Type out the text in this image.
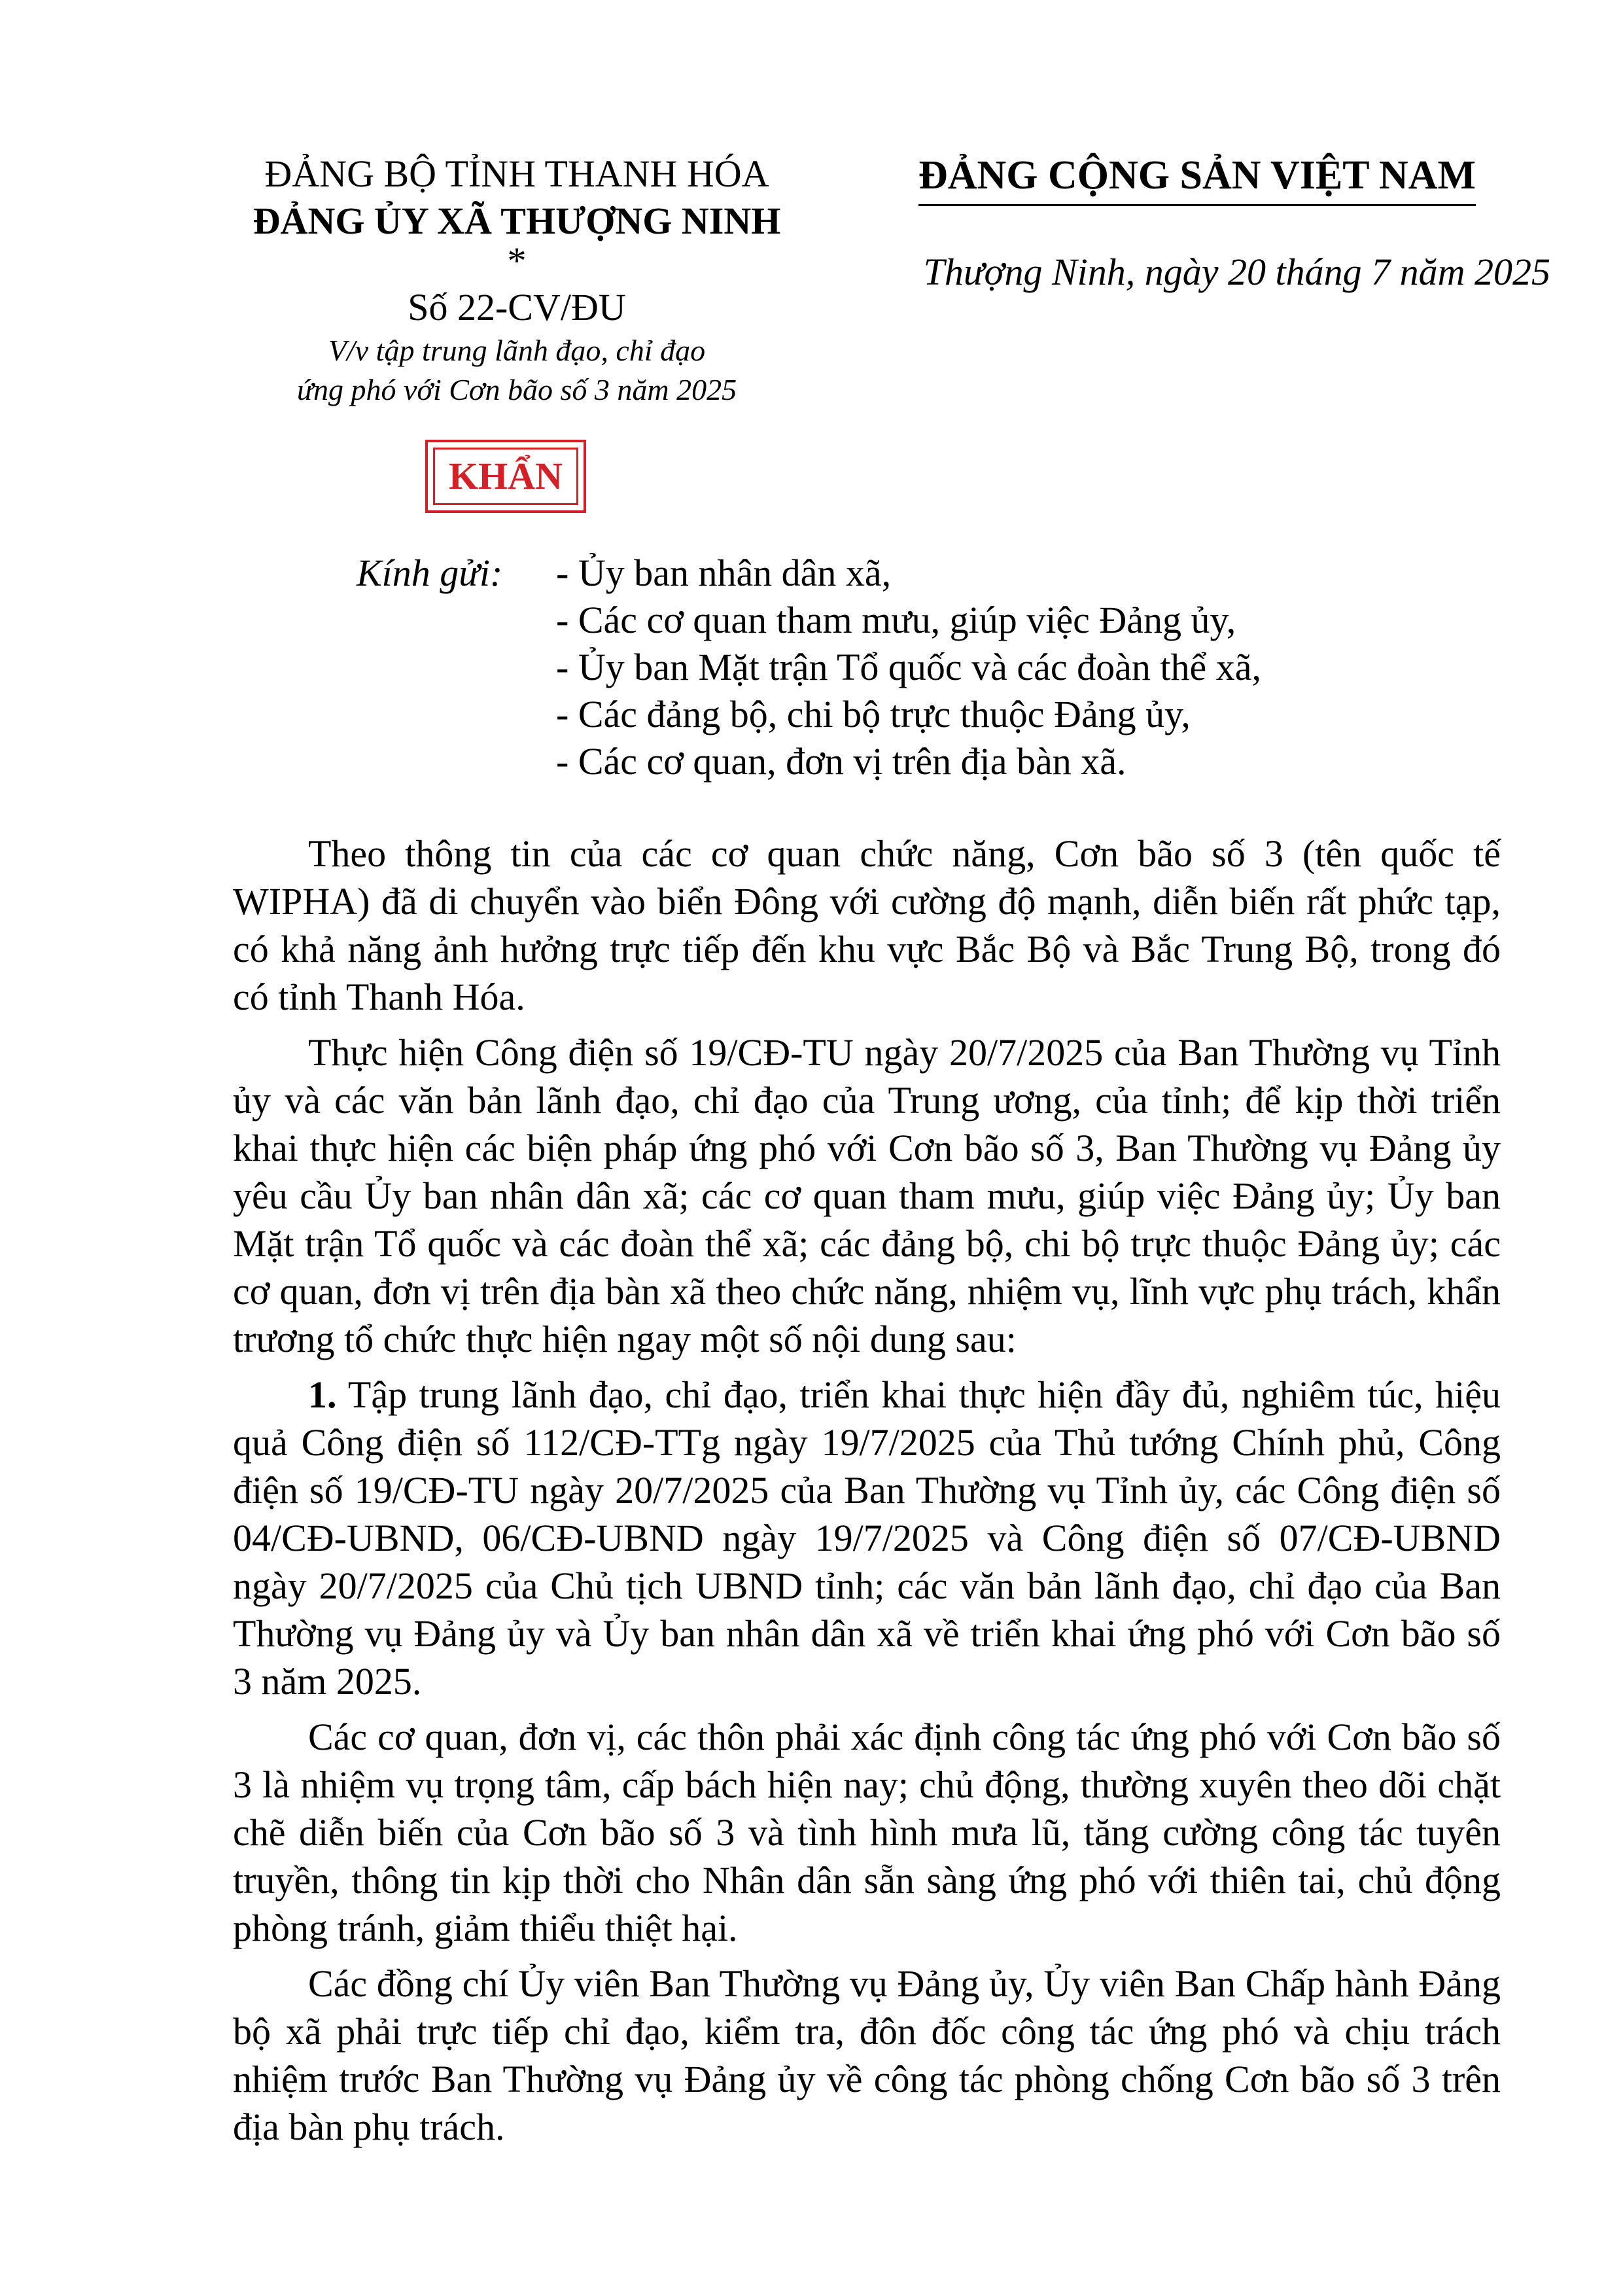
ĐẢNG BỘ TỈNH THANH HÓA
ĐẢNG ỦY XÃ THƯỢNG NINH
*
Số 22-CV/ĐU
V/v tập trung lãnh đạo, chỉ đạo
ứng phó với Cơn bão số 3 năm 2025
ĐẢNG CỘNG SẢN VIỆT NAM
Thượng Ninh, ngày 20 tháng 7 năm 2025
KHẨN
Kính gửi: - Ủy ban nhân dân xã,
- Các cơ quan tham mưu, giúp việc Đảng ủy,
- Ủy ban Mặt trận Tổ quốc và các đoàn thể xã,
- Các đảng bộ, chi bộ trực thuộc Đảng ủy,
- Các cơ quan, đơn vị trên địa bàn xã.

Theo thông tin của các cơ quan chức năng, Cơn bão số 3 (tên quốc tế WIPHA) đã di chuyển vào biển Đông với cường độ mạnh, diễn biến rất phức tạp, có khả năng ảnh hưởng trực tiếp đến khu vực Bắc Bộ và Bắc Trung Bộ, trong đó có tỉnh Thanh Hóa.

Thực hiện Công điện số 19/CĐ-TU ngày 20/7/2025 của Ban Thường vụ Tỉnh ủy và các văn bản lãnh đạo, chỉ đạo của Trung ương, của tỉnh; để kịp thời triển khai thực hiện các biện pháp ứng phó với Cơn bão số 3, Ban Thường vụ Đảng ủy yêu cầu Ủy ban nhân dân xã; các cơ quan tham mưu, giúp việc Đảng ủy; Ủy ban Mặt trận Tổ quốc và các đoàn thể xã; các đảng bộ, chi bộ trực thuộc Đảng ủy; các cơ quan, đơn vị trên địa bàn xã theo chức năng, nhiệm vụ, lĩnh vực phụ trách, khẩn trương tổ chức thực hiện ngay một số nội dung sau:

1. Tập trung lãnh đạo, chỉ đạo, triển khai thực hiện đầy đủ, nghiêm túc, hiệu quả Công điện số 112/CĐ-TTg ngày 19/7/2025 của Thủ tướng Chính phủ, Công điện số 19/CĐ-TU ngày 20/7/2025 của Ban Thường vụ Tỉnh ủy, các Công điện số 04/CĐ-UBND, 06/CĐ-UBND ngày 19/7/2025 và Công điện số 07/CĐ-UBND ngày 20/7/2025 của Chủ tịch UBND tỉnh; các văn bản lãnh đạo, chỉ đạo của Ban Thường vụ Đảng ủy và Ủy ban nhân dân xã về triển khai ứng phó với Cơn bão số 3 năm 2025.

Các cơ quan, đơn vị, các thôn phải xác định công tác ứng phó với Cơn bão số 3 là nhiệm vụ trọng tâm, cấp bách hiện nay; chủ động, thường xuyên theo dõi chặt chẽ diễn biến của Cơn bão số 3 và tình hình mưa lũ, tăng cường công tác tuyên truyền, thông tin kịp thời cho Nhân dân sẵn sàng ứng phó với thiên tai, chủ động phòng tránh, giảm thiểu thiệt hại.

Các đồng chí Ủy viên Ban Thường vụ Đảng ủy, Ủy viên Ban Chấp hành Đảng bộ xã phải trực tiếp chỉ đạo, kiểm tra, đôn đốc công tác ứng phó và chịu trách nhiệm trước Ban Thường vụ Đảng ủy về công tác phòng chống Cơn bão số 3 trên địa bàn phụ trách.
